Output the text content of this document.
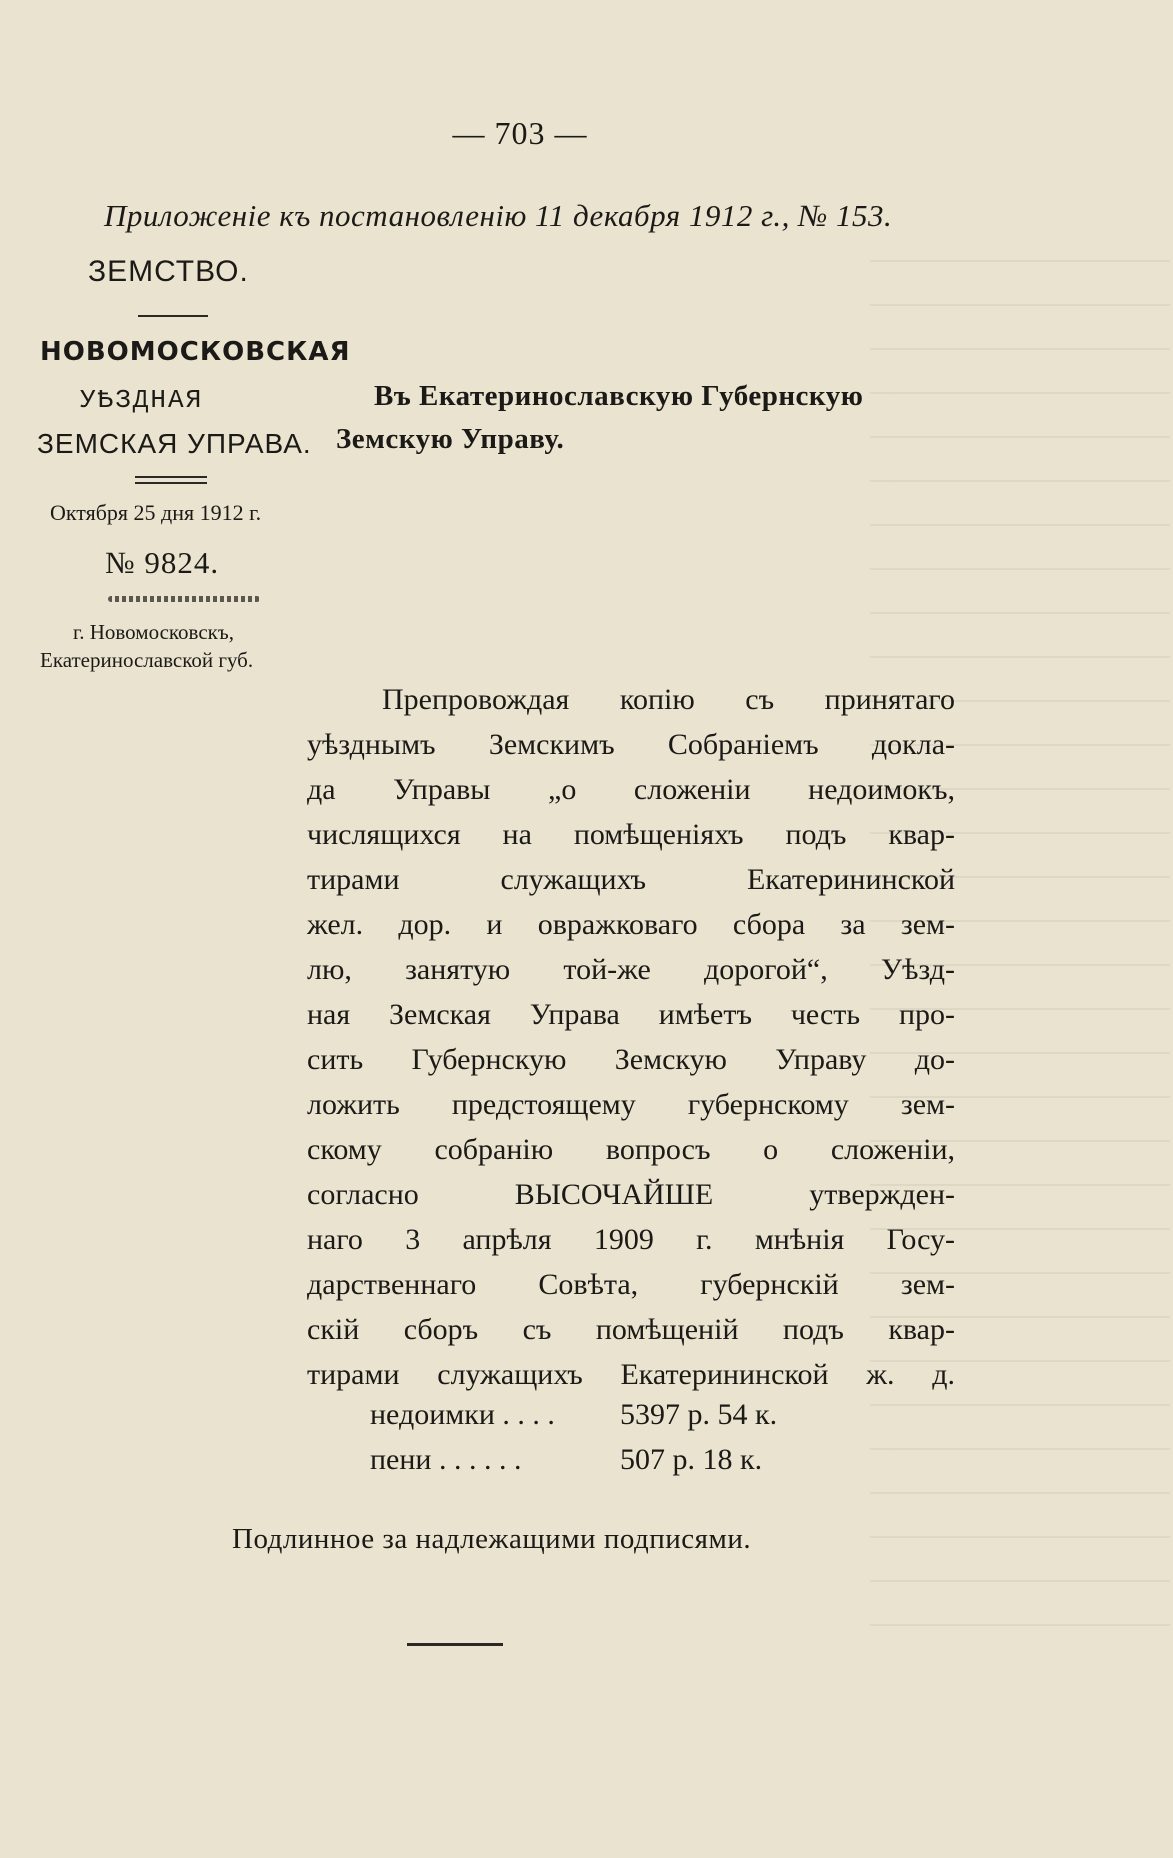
— 703 —
Приложеніе къ постановленію 11 декабря 1912 г., № 153.
ЗЕМСТВО.
НОВОМОСКОВСКАЯ
УѢЗДНАЯ
ЗЕМСКАЯ УПРАВА.
Октября 25 дня 1912 г.
№ 9824.
г. Новомосковскъ,
Екатеринославской губ.
Въ Екатеринославскую Губернскую
Земскую Управу.
Препровождая копію съ принятаго
уѣзднымъ Земскимъ Собраніемъ докла-
да Управы „о сложеніи недоимокъ,
числящихся на помѣщеніяхъ подъ квар-
тирами служащихъ Екатерининской
жел. дор. и овражковаго сбора за зем-
лю, занятую той-же дорогой“, Уѣзд-
ная Земская Управа имѣетъ честь про-
сить Губернскую Земскую Управу до-
ложить предстоящему губернскому зем-
скому собранію вопросъ о сложеніи,
согласно ВЫСОЧАЙШЕ утвержден-
наго 3 апрѣля 1909 г. мнѣнія Госу-
дарственнаго Совѣта, губернскій зем-
скій сборъ съ помѣщеній подъ квар-
тирами служащихъ Екатерининской ж. д.
недоимки . . . . 5397 р. 54 к.
пени . . . . . .	507 р. 18 к.
Подлинное за надлежащими подписями.
